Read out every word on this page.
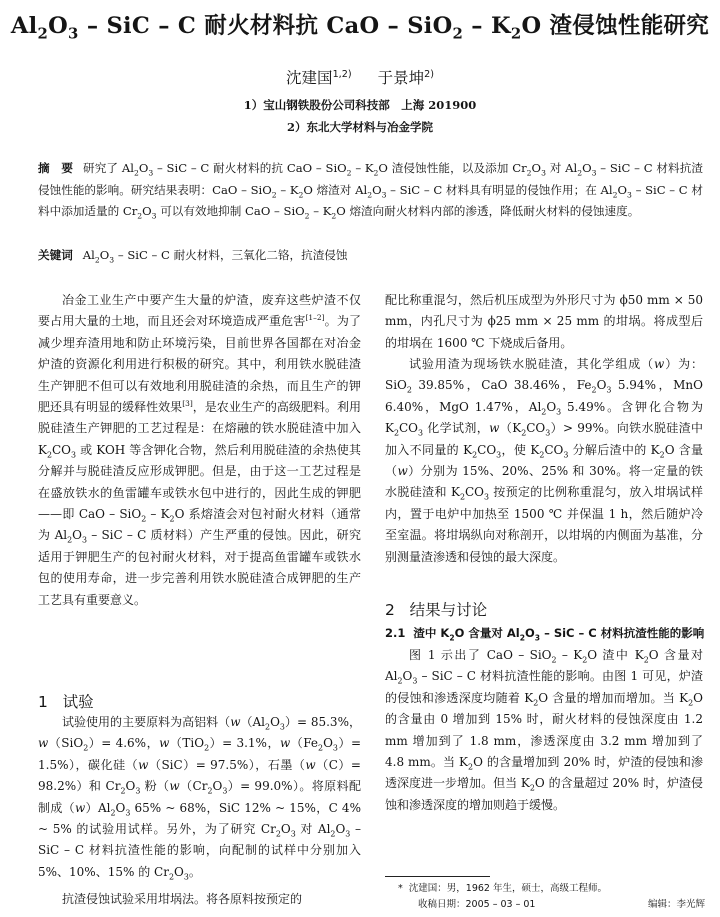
$Al_2O_3$ – SiC – C 耐火材料抗 CaO – $SiO_2 - K_2O$ 渣侵蚀性能研究
沈建国$^{1,2)}$ 于景坤$^{2)}$
1）宝山钢铁股份公司科技部　上海 201900
2）东北大学材料与冶金学院
摘　要 研究了 $Al_2O_3$ – SiC – C 耐火材料的抗 CaO – $SiO_2 - K_2O$ 渣侵蚀性能，以及添加 $Cr_2O_3$ 对 $Al_2O_3$ – SiC – C 材料抗渣侵蚀性能的影响。研究结果表明：CaO – $SiO_2 - K_2O$ 熔渣对 $Al_2O_3$ – SiC – C 材料具有明显的侵蚀作用；在 $Al_2O_3$ – SiC – C 材料中添加适量的 $Cr_2O_3$ 可以有效地抑制 CaO – $SiO_2 - K_2O$ 熔渣向耐火材料内部的渗透，降低耐火材料的侵蚀速度。
关键词 $Al_2O_3$ – SiC – C 耐火材料，三氧化二铬，抗渣侵蚀

冶金工业生产中要产生大量的炉渣，废弃这些炉渣不仅要占用大量的土地，而且还会对环境造成严重危害[1–2]。为了减少埋弃渣用地和防止环境污染，目前世界各国都在对冶金炉渣的资源化利用进行积极的研究。其中，利用铁水脱硅渣生产钾肥不但可以有效地利用脱硅渣的余热，而且生产的钾肥还具有明显的缓释性效果[3]，是农业生产的高级肥料。利用脱硅渣生产钾肥的工艺过程是：在熔融的铁水脱硅渣中加入 $K_2CO_3$ 或 KOH 等含钾化合物，然后利用脱硅渣的余热使其分解并与脱硅渣反应形成钾肥。但是，由于这一工艺过程是在盛放铁水的鱼雷罐车或铁水包中进行的，因此生成的钾肥——即 CaO – $SiO_2 - K_2O$ 系熔渣会对包衬耐火材料（通常为 $Al_2O_3$ – SiC – C 质材料）产生严重的侵蚀。因此，研究适用于钾肥生产的包衬耐火材料，对于提高鱼雷罐车或铁水包的使用寿命，进一步完善利用铁水脱硅渣合成钾肥的生产工艺具有重要意义。

1 试验

试验使用的主要原料为高铝料（$w(Al_2O_3)= 85.3\%$，w（SiO$_2$）= 4.6%，w（TiO$_2$）= 3.1%，$w(Fe_2O_3)= 1.5\%$），碳化硅（w（SiC）= 97.5%），石墨（w（C）= 98.2%）和 $Cr_2O_3$ 粉$(w(Cr_2O_3)= 99.0\%)$。将原料配制成$(w)Al_2O_3$ 65% ~ 68%，SiC 12% ~ 15%，C 4% ~ 5% 的试验用试样。另外，为了研究 $Cr_2O_3$ 对 $Al_2O_3$ – SiC – C 材料抗渣性能的影响，向配制的试样中分别加入 5%、10%、15% 的 $Cr_2O_3$。

抗渣侵蚀试验采用坩埚法。将各原料按预定的

配比称重混匀，然后机压成型为外形尺寸为 ϕ50 mm × 50 mm，内孔尺寸为 ϕ25 mm × 25 mm 的坩埚。将成型后的坩埚在 1600 ℃ 下烧成后备用。

试验用渣为现场铁水脱硅渣，其化学组成（w）为：SiO$_2$ 39.85%，CaO 38.46%，$Fe_2O_3$ 5.94%，MnO 6.40%，MgO 1.47%，$Al_2O_3$ 5.49%。含钾化合物为 $K_2CO_3$ 化学试剂，$w(K_2CO_3)> 99\%$。向铁水脱硅渣中加入不同量的 $K_2CO_3$，使 $K_2CO_3$ 分解后渣中的 $K_2O$ 含量（w）分别为 15%、20%、25% 和 30%。将一定量的铁水脱硅渣和 $K_2CO_3$ 按预定的比例称重混匀，放入坩埚试样内，置于电炉中加热至 1500 ℃ 并保温 1 h，然后随炉冷至室温。将坩埚纵向对称剖开，以坩埚的内侧面为基准，分别测量渣渗透和侵蚀的最大深度。

2 结果与讨论
2.1 渣中 $K_2O$ 含量对 $Al_2O_3$ – SiC – C 材料抗渣性能的影响

图 1 示出了 CaO – $SiO_2 - K_2O$ 渣中 $K_2O$ 含量对 $Al_2O_3$ – SiC – C 材料抗渣性能的影响。由图 1 可见，炉渣的侵蚀和渗透深度均随着 $K_2O$ 含量的增加而增加。当 $K_2O$ 的含量由 0 增加到 15% 时，耐火材料的侵蚀深度由 1.2 mm 增加到了 1.8 mm，渗透深度由 3.2 mm 增加到了 4.8 mm。当 $K_2O$ 的含量增加到 20% 时，炉渣的侵蚀和渗透深度进一步增加。但当 $K_2O$ 的含量超过 20% 时，炉渣侵蚀和渗透深度的增加则趋于缓慢。

* 沈建国：男，1962 年生，硕士，高级工程师。
收稿日期：2005 – 03 – 01	编辑：李光辉
